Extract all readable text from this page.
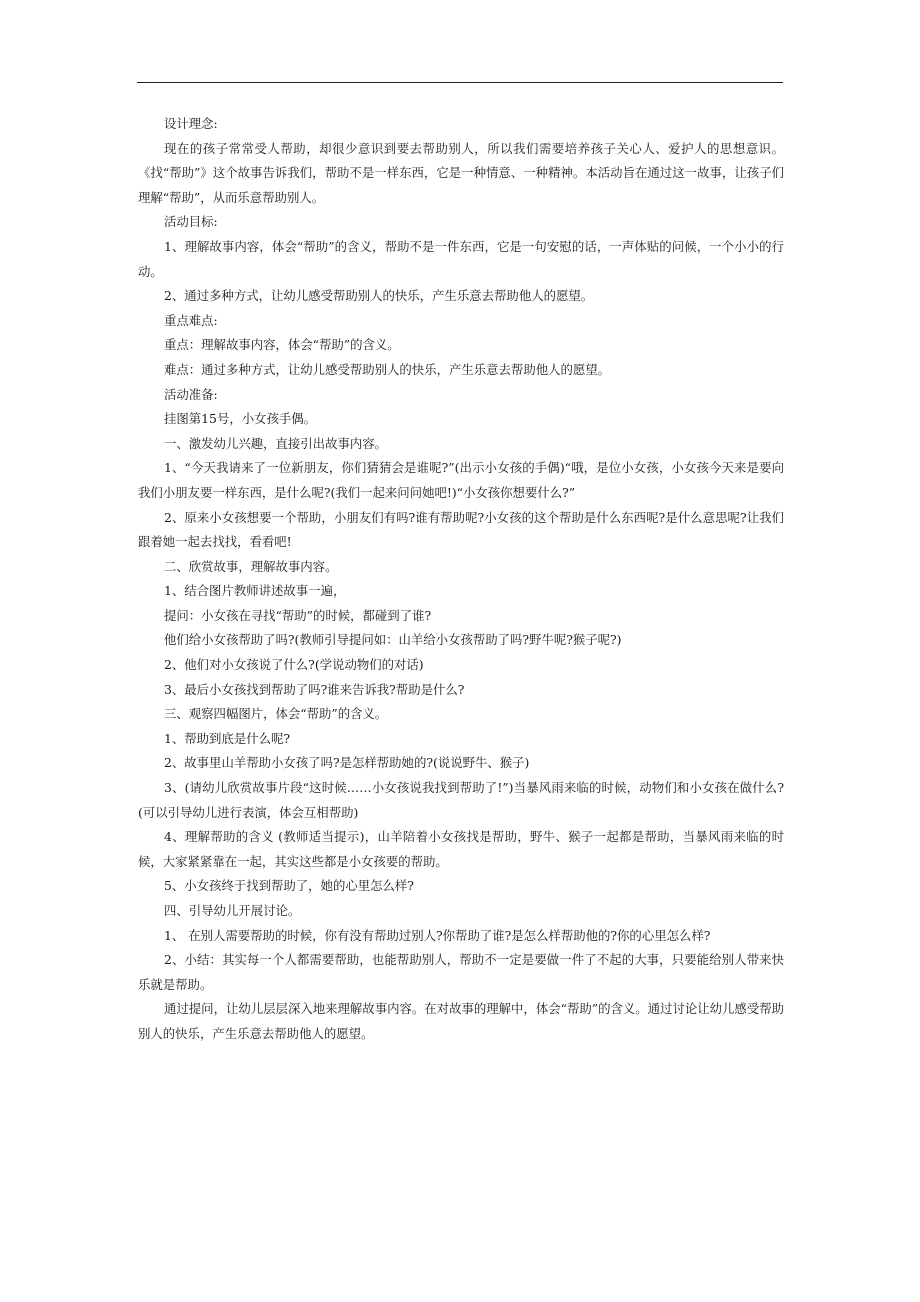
设计理念:

现在的孩子常常受人帮助，却很少意识到要去帮助别人，所以我们需要培养孩子关心人、爱护人的思想意识。《找“帮助”》这个故事告诉我们，帮助不是一样东西，它是一种情意、一种精神。本活动旨在通过这一故事，让孩子们理解“帮助”，从而乐意帮助别人。

活动目标:

1、理解故事内容，体会“帮助”的含义，帮助不是一件东西，它是一句安慰的话，一声体贴的问候，一个小小的行动。

2、通过多种方式，让幼儿感受帮助别人的快乐，产生乐意去帮助他人的愿望。

重点难点:

重点：理解故事内容，体会“帮助”的含义。

难点：通过多种方式，让幼儿感受帮助别人的快乐，产生乐意去帮助他人的愿望。

活动准备:

挂图第15号，小女孩手偶。

一、激发幼儿兴趣，直接引出故事内容。

1、“今天我请来了一位新朋友，你们猜猜会是谁呢?”(出示小女孩的手偶)“哦，是位小女孩，小女孩今天来是要向我们小朋友要一样东西，是什么呢?(我们一起来问问她吧!)“小女孩你想要什么?”

2、原来小女孩想要一个帮助，小朋友们有吗?谁有帮助呢?小女孩的这个帮助是什么东西呢?是什么意思呢?让我们跟着她一起去找找，看看吧!

二、欣赏故事，理解故事内容。

1、结合图片教师讲述故事一遍，

提问：小女孩在寻找“帮助”的时候，都碰到了谁?

他们给小女孩帮助了吗?(教师引导提问如：山羊给小女孩帮助了吗?野牛呢?猴子呢?)

2、他们对小女孩说了什么?(学说动物们的对话)

3、最后小女孩找到帮助了吗?谁来告诉我?帮助是什么?

三、观察四幅图片，体会“帮助”的含义。

1、帮助到底是什么呢?

2、故事里山羊帮助小女孩了吗?是怎样帮助她的?(说说野牛、猴子)

3、(请幼儿欣赏故事片段“这时候……小女孩说我找到帮助了!”)当暴风雨来临的时候，动物们和小女孩在做什么?(可以引导幼儿进行表演，体会互相帮助)

4、理解帮助的含义 (教师适当提示)，山羊陪着小女孩找是帮助，野牛、猴子一起都是帮助，当暴风雨来临的时候，大家紧紧靠在一起，其实这些都是小女孩要的帮助。

5、小女孩终于找到帮助了，她的心里怎么样?

四、引导幼儿开展讨论。

1、 在别人需要帮助的时候，你有没有帮助过别人?你帮助了谁?是怎么样帮助他的?你的心里怎么样?

2、小结：其实每一个人都需要帮助，也能帮助别人，帮助不一定是要做一件了不起的大事，只要能给别人带来快乐就是帮助。

通过提问，让幼儿层层深入地来理解故事内容。在对故事的理解中，体会“帮助”的含义。通过讨论让幼儿感受帮助别人的快乐，产生乐意去帮助他人的愿望。
